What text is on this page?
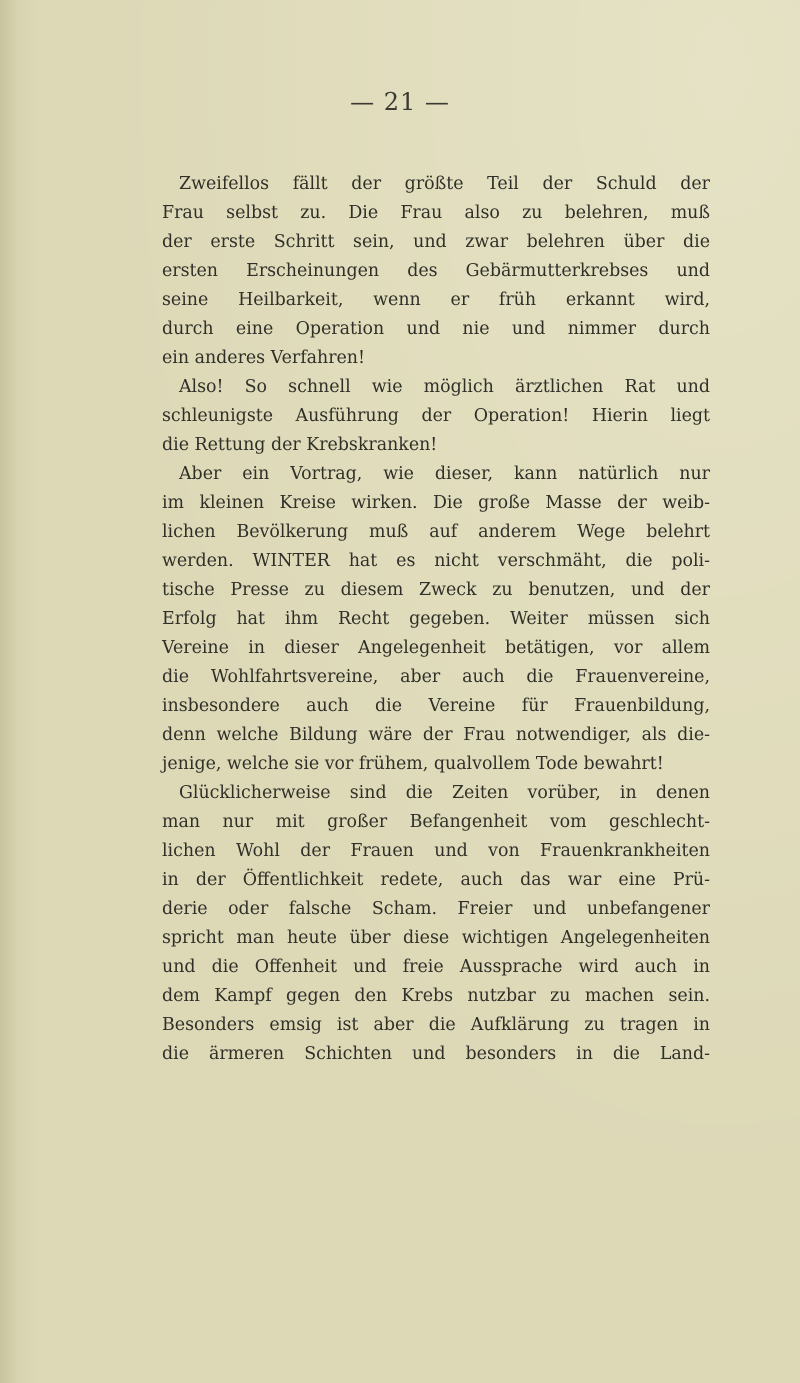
— 21 —
Zweifellos fällt der größte Teil der Schuld der
Frau selbst zu. Die Frau also zu belehren, muß
der erste Schritt sein, und zwar belehren über die
ersten Erscheinungen des Gebärmutterkrebses und
seine Heilbarkeit, wenn er früh erkannt wird,
durch eine Operation und nie und nimmer durch
ein anderes Verfahren!
Also! So schnell wie möglich ärztlichen Rat und
schleunigste Ausführung der Operation! Hierin liegt
die Rettung der Krebskranken!
Aber ein Vortrag, wie dieser, kann natürlich nur
im kleinen Kreise wirken. Die große Masse der weib-
lichen Bevölkerung muß auf anderem Wege belehrt
werden. WINTER hat es nicht verschmäht, die poli-
tische Presse zu diesem Zweck zu benutzen, und der
Erfolg hat ihm Recht gegeben. Weiter müssen sich
Vereine in dieser Angelegenheit betätigen, vor allem
die Wohlfahrtsvereine, aber auch die Frauenvereine,
insbesondere auch die Vereine für Frauenbildung,
denn welche Bildung wäre der Frau notwendiger, als die-
jenige, welche sie vor frühem, qualvollem Tode bewahrt!
Glücklicherweise sind die Zeiten vorüber, in denen
man nur mit großer Befangenheit vom geschlecht-
lichen Wohl der Frauen und von Frauenkrankheiten
in der Öffentlichkeit redete, auch das war eine Prü-
derie oder falsche Scham. Freier und unbefangener
spricht man heute über diese wichtigen Angelegenheiten
und die Offenheit und freie Aussprache wird auch in
dem Kampf gegen den Krebs nutzbar zu machen sein.
Besonders emsig ist aber die Aufklärung zu tragen in
die ärmeren Schichten und besonders in die Land-
